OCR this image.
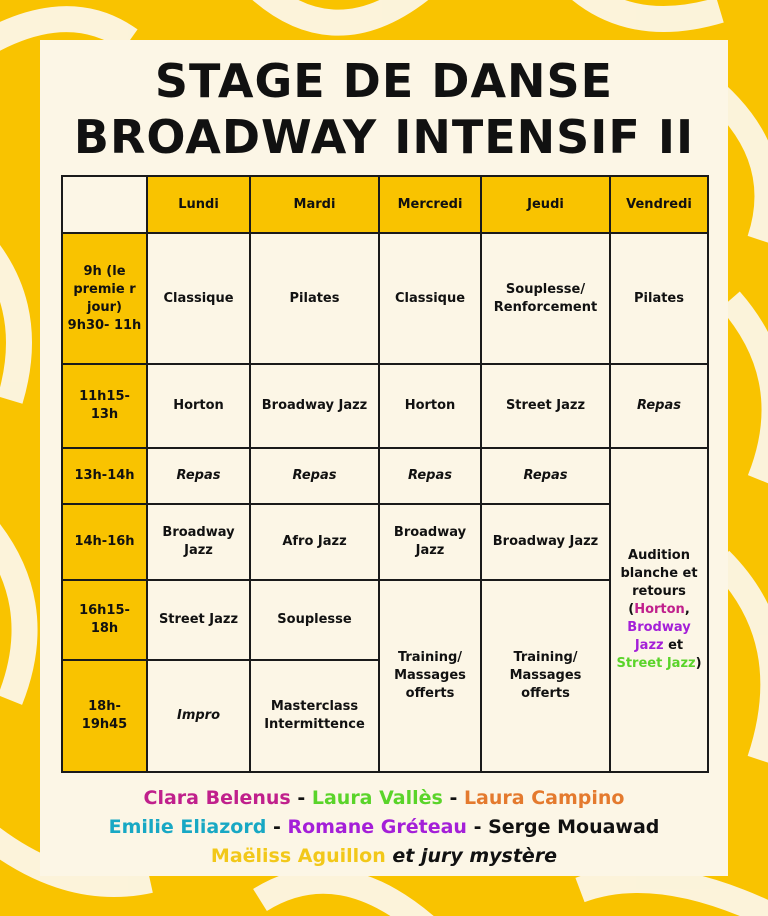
STAGE DE DANSE
BROADWAY INTENSIF II
	Lundi	Mardi	Mercredi	Jeudi	Vendredi
9h (le premie r jour) 9h30- 11h	Classique	Pilates	Classique	Souplesse/ Renforcement	Pilates
11h15- 13h	Horton	Broadway Jazz	Horton	Street Jazz	Repas
13h-14h	Repas	Repas	Repas	Repas	Audition blanche et retours (Horton, Brodway Jazz et Street Jazz)
14h-16h	Broadway Jazz	Afro Jazz	Broadway Jazz	Broadway Jazz	
16h15- 18h	Street Jazz	Souplesse	Training/ Massages offerts	Training/ Massages offerts	
18h- 19h45	Impro	Masterclass Intermittence			
Clara Belenus - Laura Vallès - Laura Campino
Emilie Eliazord - Romane Gréteau - Serge Mouawad
Maëliss Aguillon et jury mystère
